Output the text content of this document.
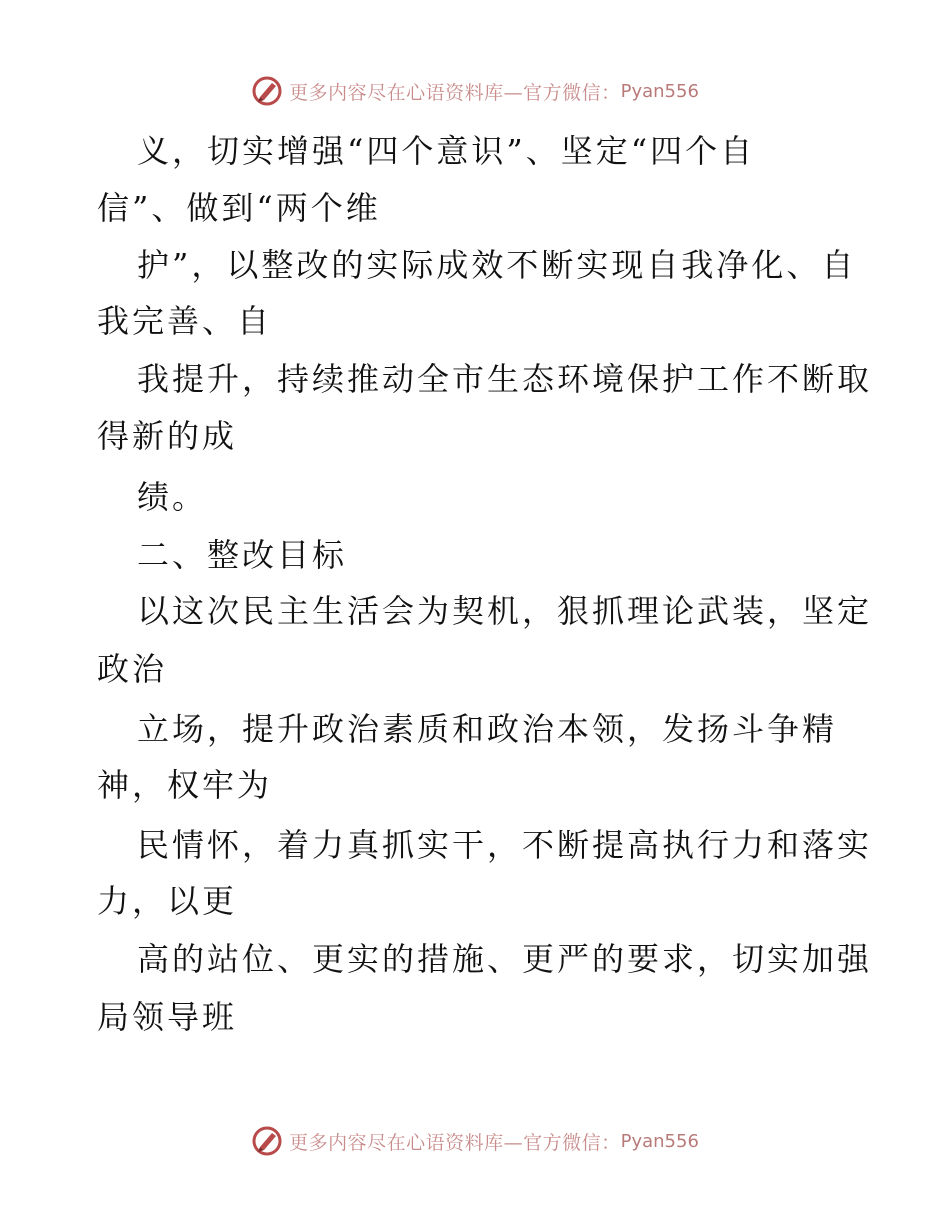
更多内容尽在心语资料库—官方微信： Pyan556
义，切实增强“四个意识”、坚定“四个自
信”、做到“两个维
护”，以整改的实际成效不断实现自我净化、自
我完善、自
我提升，持续推动全市生态环境保护工作不断取
得新的成
绩。
二、整改目标
以这次民主生活会为契机，狠抓理论武装，坚定
政治
立场，提升政治素质和政治本领，发扬斗争精
神，权牢为
民情怀，着力真抓实干，不断提高执行力和落实
力，以更
高的站位、更实的措施、更严的要求，切实加强
局领导班
更多内容尽在心语资料库—官方微信： Pyan556
